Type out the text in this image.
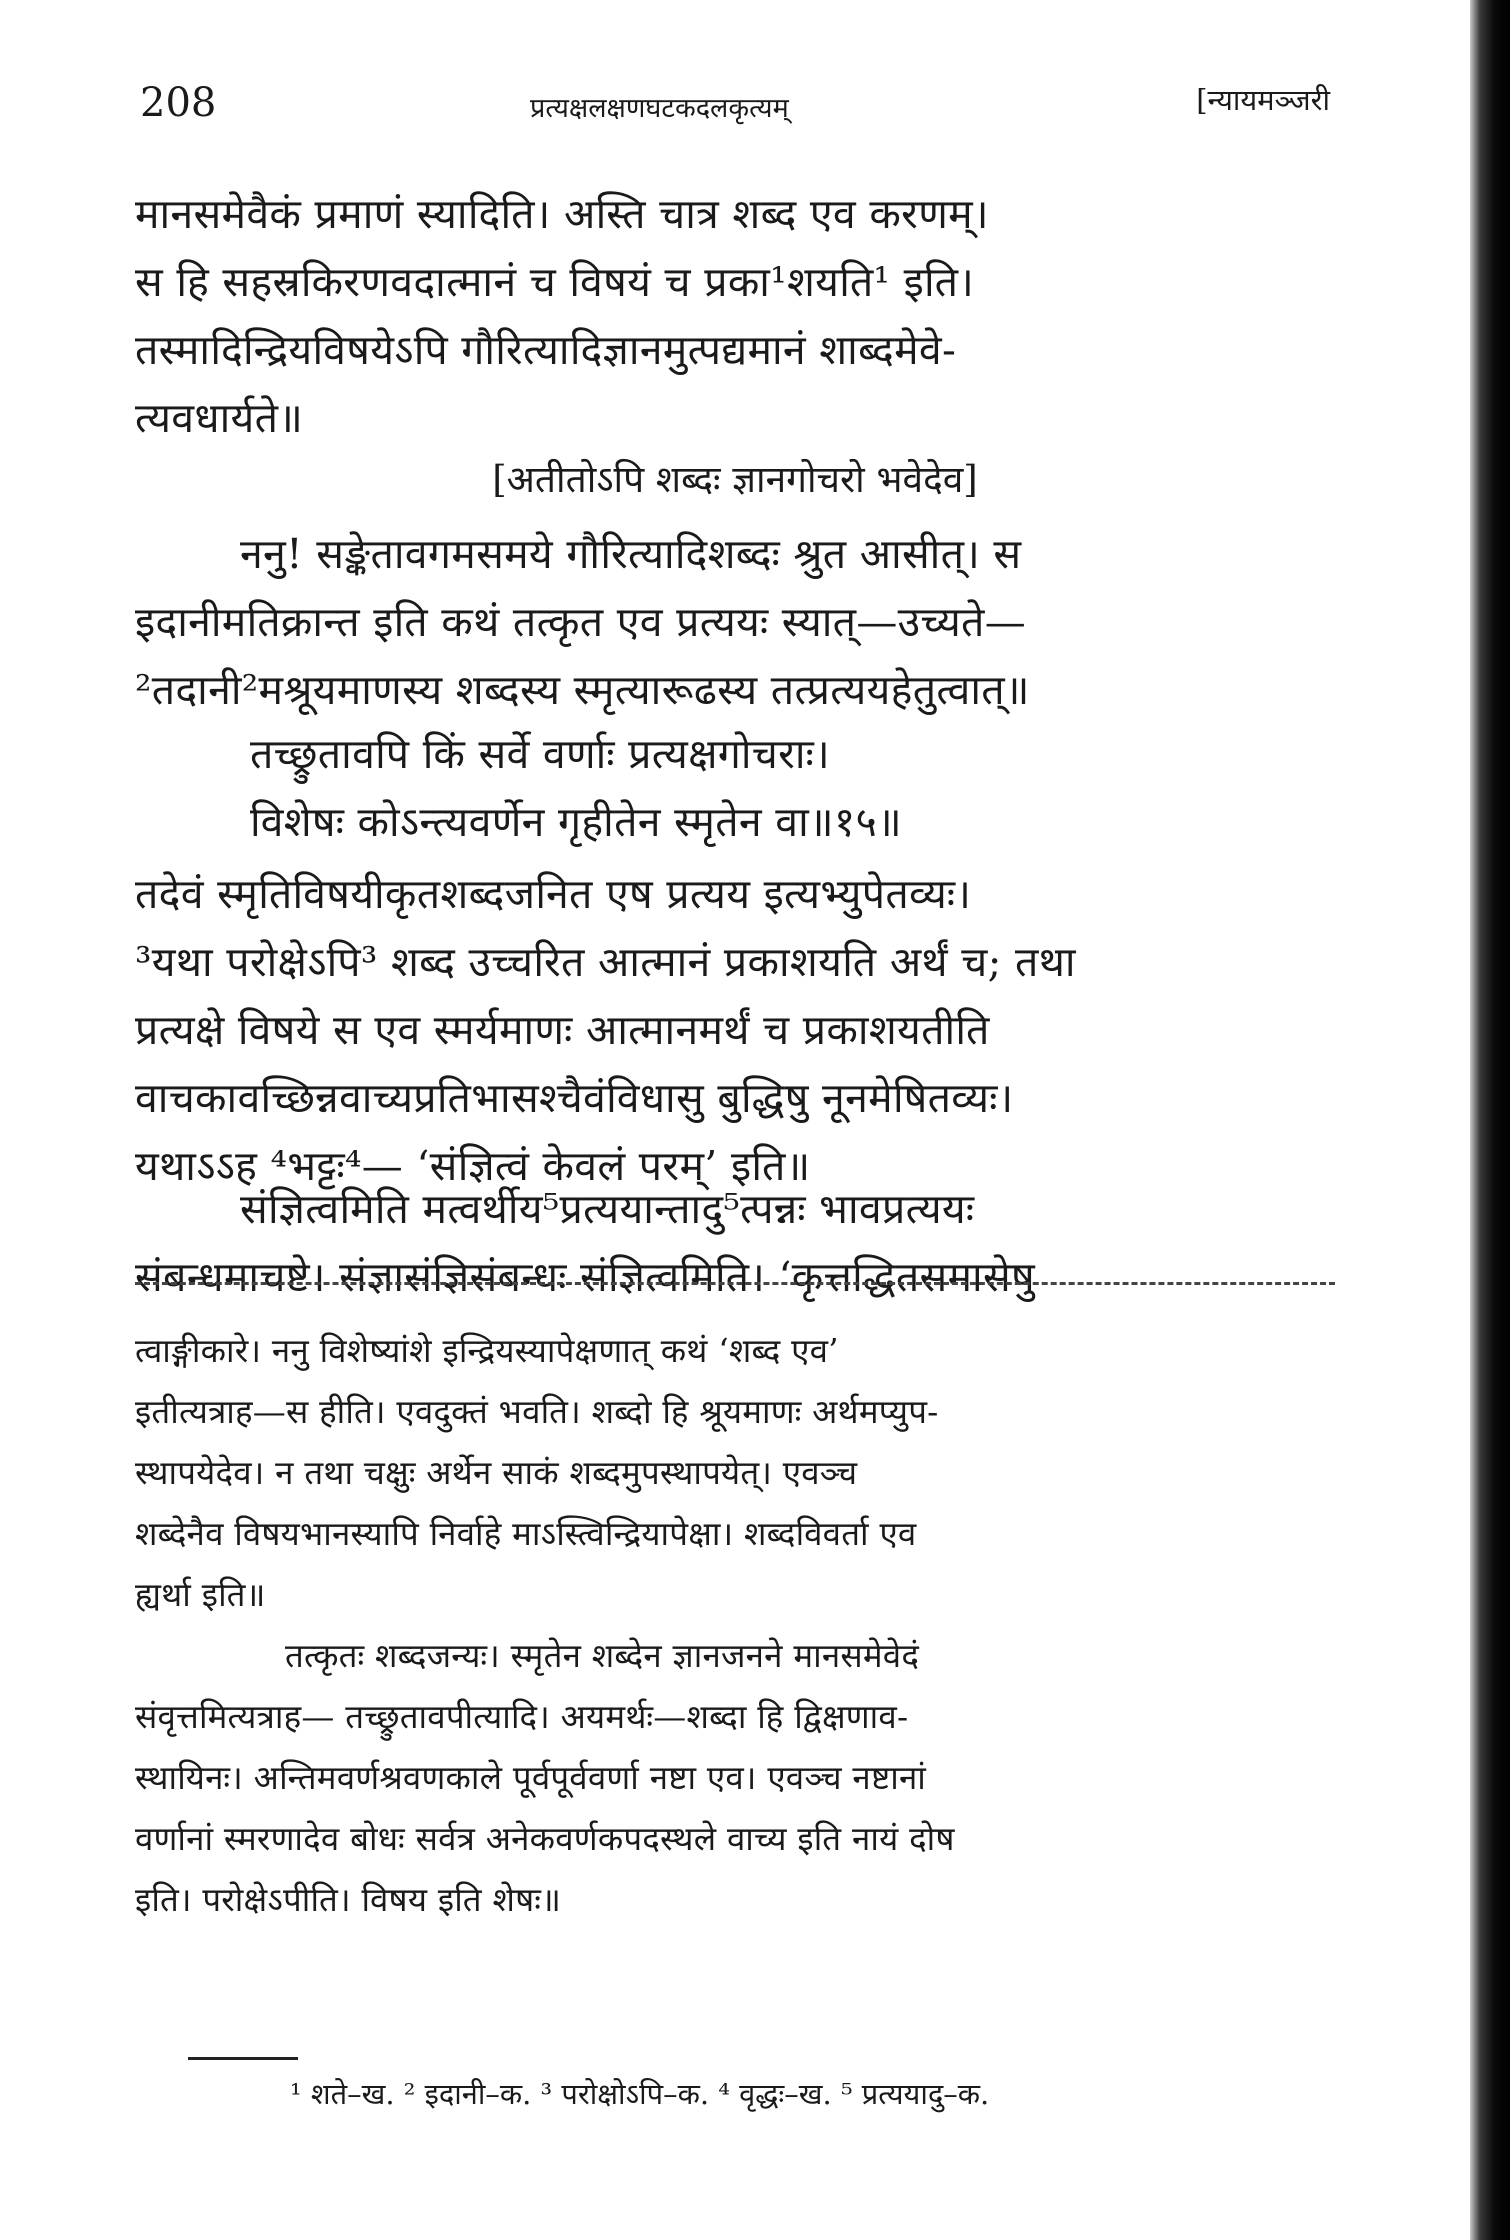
208	प्रत्यक्षलक्षणघटकदलकृत्यम्	[न्यायमञ्जरी
मानसमेवैकं प्रमाणं स्यादिति। अस्ति चात्र शब्द एव करणम्।
स हि सहस्रकिरणवदात्मानं च विषयं च प्रका¹शयति¹ इति।
तस्मादिन्द्रियविषयेऽपि गौरित्यादिज्ञानमुत्पद्यमानं शाब्दमेवे-
त्यवधार्यते॥
[अतीतोऽपि शब्दः ज्ञानगोचरो भवेदेव]
ननु! सङ्केतावगमसमये गौरित्यादिशब्दः श्रुत आसीत्। स
इदानीमतिक्रान्त इति कथं तत्कृत एव प्रत्ययः स्यात्—उच्यते—
²तदानी²मश्रूयमाणस्य शब्दस्य स्मृत्यारूढस्य तत्प्रत्ययहेतुत्वात्॥
तच्छ्रुतावपि किं सर्वे वर्णाः प्रत्यक्षगोचराः।
विशेषः कोऽन्त्यवर्णेन गृहीतेन स्मृतेन वा॥१५॥
तदेवं स्मृतिविषयीकृतशब्दजनित एष प्रत्यय इत्यभ्युपेतव्यः।
³यथा परोक्षेऽपि³ शब्द उच्चरित आत्मानं प्रकाशयति अर्थं च; तथा
प्रत्यक्षे विषये स एव स्मर्यमाणः आत्मानमर्थं च प्रकाशयतीति
वाचकावच्छिन्नवाच्यप्रतिभासश्चैवंविधासु बुद्धिषु नूनमेषितव्यः।
यथाऽऽह ⁴भट्टः⁴— ‘संज्ञित्वं केवलं परम्’ इति॥
संज्ञित्वमिति मत्वर्थीय⁵प्रत्ययान्तादु⁵त्पन्नः भावप्रत्ययः
संबन्धमाचष्टे। संज्ञासंज्ञिसंबन्धः संज्ञित्वमिति। ‘कृत्तद्धितसमासेषु
त्वाङ्गीकारे। ननु विशेष्यांशे इन्द्रियस्यापेक्षणात् कथं ‘शब्द एव’
इतीत्यत्राह—स हीति। एवदुक्तं भवति। शब्दो हि श्रूयमाणः अर्थमप्युप-
स्थापयेदेव। न तथा चक्षुः अर्थेन साकं शब्दमुपस्थापयेत्। एवञ्च
शब्देनैव विषयभानस्यापि निर्वाहे माऽस्त्विन्द्रियापेक्षा। शब्दविवर्ता एव
ह्यर्था इति॥
तत्कृतः शब्दजन्यः। स्मृतेन शब्देन ज्ञानजनने मानसमेवेदं
संवृत्तमित्यत्राह— तच्छ्रुतावपीत्यादि। अयमर्थः—शब्दा हि द्विक्षणाव-
स्थायिनः। अन्तिमवर्णश्रवणकाले पूर्वपूर्ववर्णा नष्टा एव। एवञ्च नष्टानां
वर्णानां स्मरणादेव बोधः सर्वत्र अनेकवर्णकपदस्थले वाच्य इति नायं दोष
इति। परोक्षेऽपीति। विषय इति शेषः॥
¹ शते–ख. ² इदानी–क. ³ परोक्षोऽपि–क. ⁴ वृद्धः–ख. ⁵ प्रत्ययादु–क.
